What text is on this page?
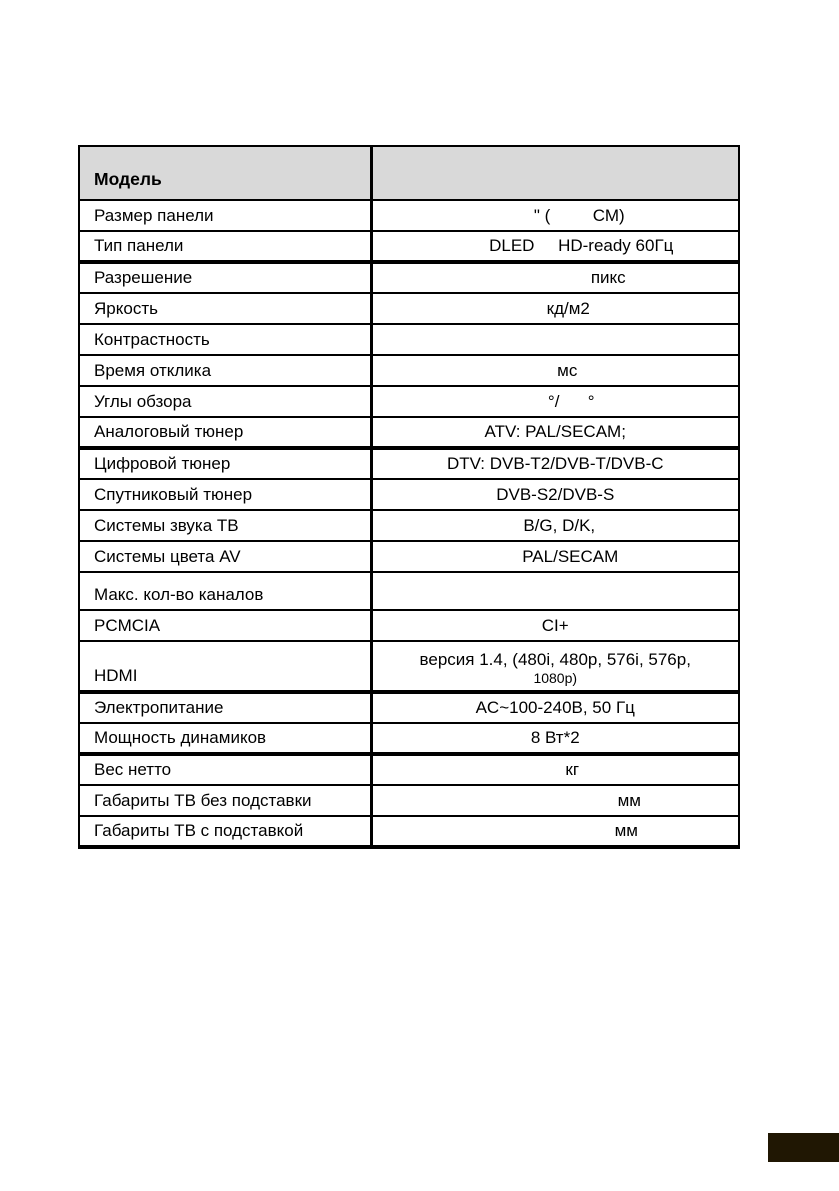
Модель	
Размер панели	" (         СМ)
Тип панели	DLED     HD-ready 60Гц
Разрешение	пикс
Яркость	кд/м2
Контрастность	
Время отклика	мс
Углы обзора	°/      °
Аналоговый тюнер	ATV: PAL/SECAM;
Цифровой тюнер	DTV: DVB-T2/DVB-T/DVB-C
Спутниковый тюнер	DVB-S2/DVB-S
Системы звука ТВ	B/G, D/K,
Системы цвета AV	PAL/SECAM
Макс. кол-во каналов	
PCMCIA	CI+
HDMI	версия 1.4, (480i, 480p, 576i, 576p,
1080p)

Электропитание	AC~100-240В, 50 Гц
Мощность динамиков	8 Вт*2
Вес нетто	кг
Габариты ТВ без подставки	мм
Габариты ТВ с подставкой	мм
